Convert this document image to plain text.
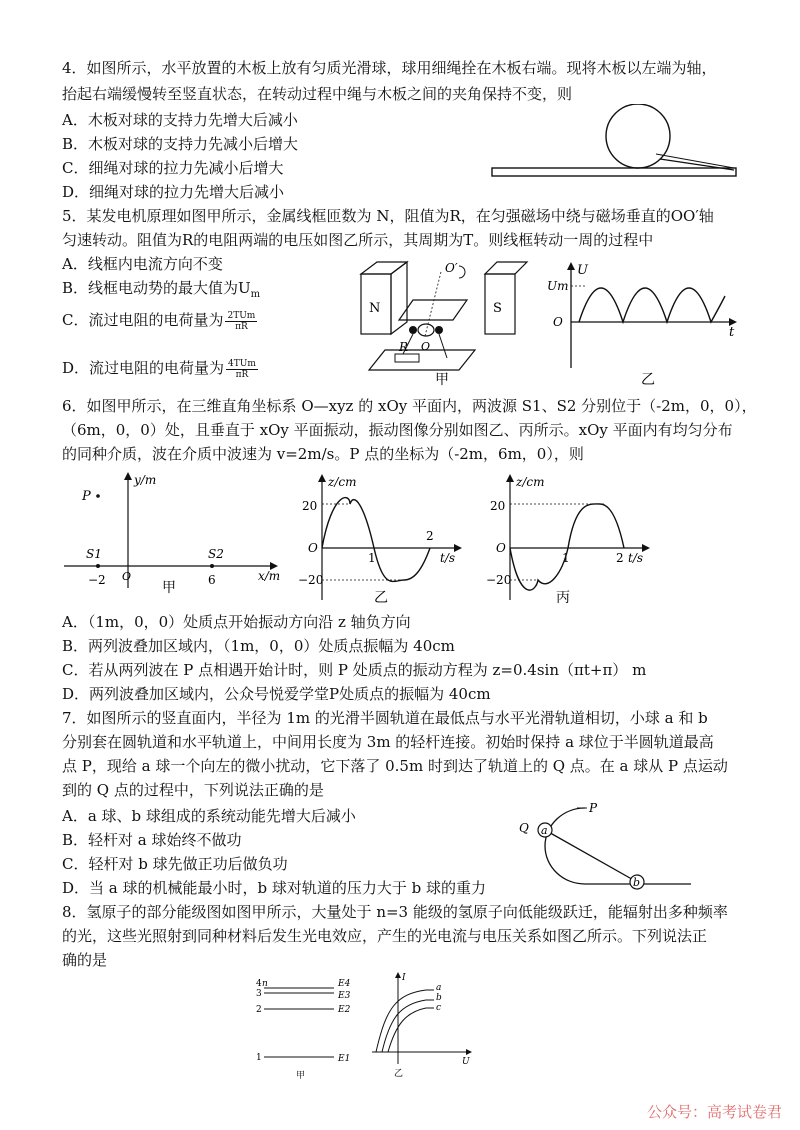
4．如图所示，水平放置的木板上放有匀质光滑球，球用细绳拴在木板右端。现将木板以左端为轴，
抬起右端缓慢转至竖直状态，在转动过程中绳与木板之间的夹角保持不变，则
A．木板对球的支持力先增大后减小
B．木板对球的支持力先减小后增大
C．细绳对球的拉力先减小后增大
D．细绳对球的拉力先增大后减小
5．某发电机原理如图甲所示，金属线框匝数为 N，阻值为R，在匀强磁场中绕与磁场垂直的OO′轴
匀速转动。阻值为R的电阻两端的电压如图乙所示，其周期为T。则线框转动一周的过程中
A．线框内电流方向不变
B．线框电动势的最大值为$U_m$
C．流过电阻的电荷量为 $\frac{\text{2TUm}}{\pi R}$
D．流过电阻的电荷量为 $\frac{\text{4TUm}}{\pi R}$
N	S
O′
O
R
甲
U
Um
O
t
乙
6．如图甲所示，在三维直角坐标系 O—xyz 的 xOy 平面内，两波源 S1、S2 分别位于（-2m，0，0），
（6m，0，0）处，且垂直于 xOy 平面振动，振动图像分别如图乙、丙所示。xOy 平面内有均匀分布
的同种介质，波在介质中波速为 v=2m/s。P 点的坐标为（-2m，6m，0），则
y/m
x/m
P
S1	S2
−2 O	6
甲
z/cm
t/s
20
−20
O
1
2
乙
z/cm
t/s
20
−20
O
1	2
丙
A．（1m，0，0）处质点开始振动方向沿 z 轴负方向
B．两列波叠加区域内，（1m，0，0）处质点振幅为 40cm
C．若从两列波在 P 点相遇开始计时，则 P 处质点的振动方程为 z=0.4sin（πt+π） m
D．两列波叠加区域内，公众号悦爱学堂P处质点的振幅为 40cm
7．如图所示的竖直面内，半径为 1m 的光滑半圆轨道在最低点与水平光滑轨道相切，小球 a 和 b
分别套在圆轨道和水平轨道上，中间用长度为 3m 的轻杆连接。初始时保持 a 球位于半圆轨道最高
点 P，现给 a 球一个向左的微小扰动，它下落了 0.5m 时到达了轨道上的 Q 点。在 a 球从 P 点运动
到的 Q 点的过程中，下列说法正确的是
A．a 球、b 球组成的系统动能先增大后减小
B．轻杆对 a 球始终不做功
C．轻杆对 b 球先做正功后做负功
D．当 a 球的机械能最小时，b 球对轨道的压力大于 b 球的重力
a
b
Q
P
8．氢原子的部分能级图如图甲所示，大量处于 n=3 能级的氢原子向低能级跃迁，能辐射出多种频率
的光，这些光照射到同种材料后发生光电效应，产生的光电流与电压关系如图乙所示。下列说法正
确的是
n
4
3
2
1
E4
E3
E2
E1
甲
I
U
a
b
c
乙
公众号：高考试卷君
